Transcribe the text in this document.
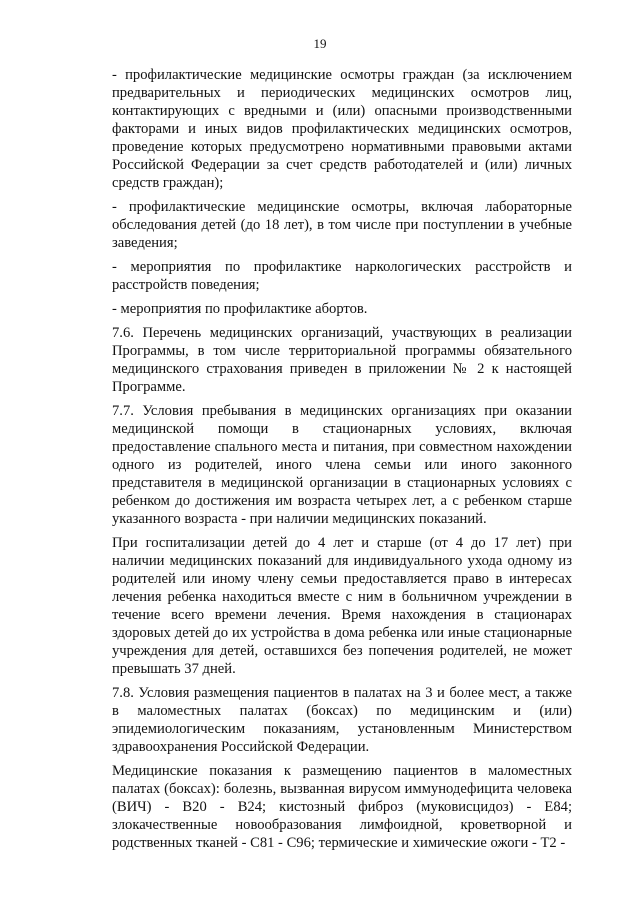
19

- профилактические медицинские осмотры граждан (за исключением предварительных и периодических медицинских осмотров лиц, контактирующих с вредными и (или) опасными производственными факторами и иных видов профилактических медицинских осмотров, проведение которых предусмотрено нормативными правовыми актами Российской Федерации за счет средств работодателей и (или) личных средств граждан);

- профилактические медицинские осмотры, включая лабораторные обследования детей (до 18 лет), в том числе при поступлении в учебные заведения;

- мероприятия по профилактике наркологических расстройств и расстройств поведения;

- мероприятия по профилактике абортов.

7.6. Перечень медицинских организаций, участвующих в реализации Программы, в том числе территориальной программы обязательного медицинского страхования приведен в приложении № 2 к настоящей Программе.

7.7. Условия пребывания в медицинских организациях при оказании медицинской помощи в стационарных условиях, включая предоставление спального места и питания, при совместном нахождении одного из родителей, иного члена семьи или иного законного представителя в медицинской организации в стационарных условиях с ребенком до достижения им возраста четырех лет, а с ребенком старше указанного возраста - при наличии медицинских показаний.

При госпитализации детей до 4 лет и старше (от 4 до 17 лет) при наличии медицинских показаний для индивидуального ухода одному из родителей или иному члену семьи предоставляется право в интересах лечения ребенка находиться вместе с ним в больничном учреждении в течение всего времени лечения. Время нахождения в стационарах здоровых детей до их устройства в дома ребенка или иные стационарные учреждения для детей, оставшихся без попечения родителей, не может превышать 37 дней.

7.8. Условия размещения пациентов в палатах на 3 и более мест, а также в маломестных палатах (боксах) по медицинским и (или) эпидемиологическим показаниям, установленным Министерством здравоохранения Российской Федерации.

Медицинские показания к размещению пациентов в маломестных палатах (боксах): болезнь, вызванная вирусом иммунодефицита человека (ВИЧ) - В20 - В24; кистозный фиброз (муковисцидоз) - Е84; злокачественные новообразования лимфоидной, кроветворной и родственных тканей - С81 - С96; термические и химические ожоги - Т2 -
